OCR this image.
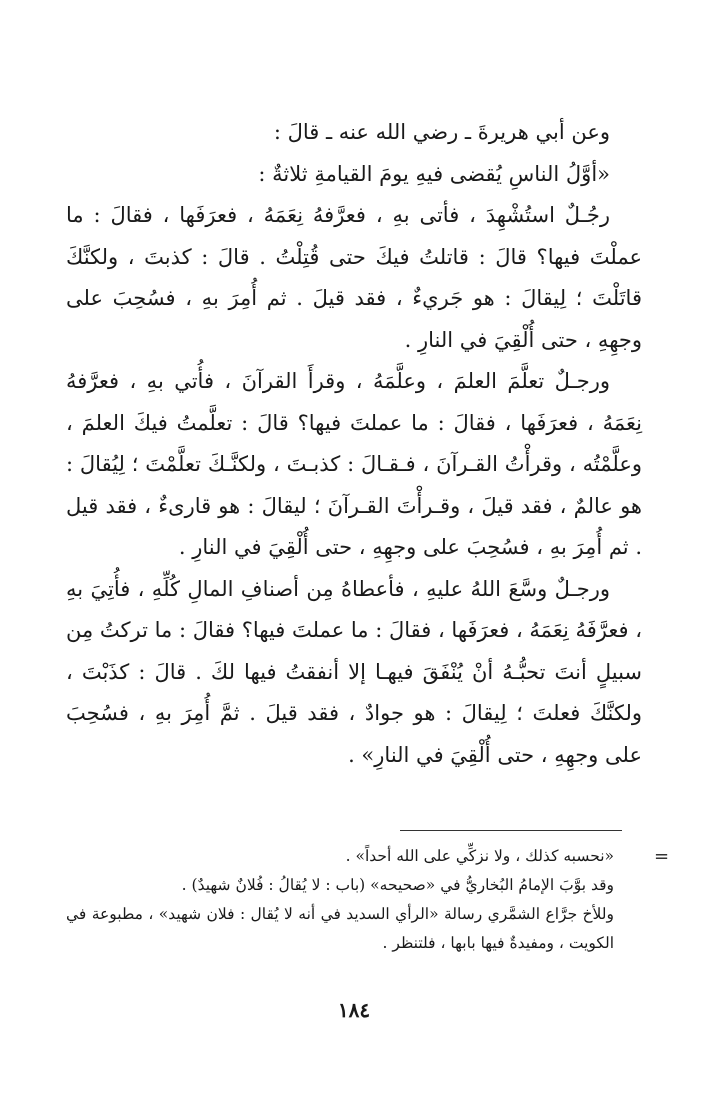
وعن أبي هريرةَ ـ رضي الله عنه ـ قالَ :

«أوَّلُ الناسِ يُقضى فيهِ يومَ القيامةِ ثلاثةٌ :

رجُـلٌ استُشْهِدَ ، فأتى بهِ ، فعرَّفهُ نِعَمَهُ ، فعرَفَها ، فقالَ : ما عملْتَ فيها؟ قالَ : قاتلتُ فيكَ حتى قُتِلْتُ . قالَ : كذبتَ ، ولكنَّكَ قاتَلْتَ ؛ لِيقالَ : هو جَريءٌ ، فقد قيلَ . ثم أُمِرَ بهِ ، فسُحِبَ على وجهِهِ ، حتى أُلْقِيَ في النارِ .

ورجـلٌ تعلَّمَ العلمَ ، وعلَّمَهُ ، وقرأَ القرآنَ ، فأُتي بهِ ، فعرَّفهُ نِعَمَهُ ، فعرَفَها ، فقالَ : ما عملتَ فيها؟ قالَ : تعلَّمتُ فيكَ العلمَ ، وعلَّمْتُه ، وقرأْتُ القـرآنَ ، فـقـالَ : كذبـتَ ، ولكنَّـكَ تعلَّمْتَ ؛ لِيُقالَ : هو عالمٌ ، فقد قيلَ ، وقـرأْتَ القـرآنَ ؛ ليقالَ : هو قارىءٌ ، فقد قيل . ثم أُمِرَ بهِ ، فسُحِبَ على وجهِهِ ، حتى أُلْقِيَ في النارِ .

ورجـلٌ وسَّعَ اللهُ عليهِ ، فأعطاهُ مِن أصنافِ المالِ كُلِّهِ ، فأُتِيَ بهِ ، فعرَّفَهُ نِعَمَهُ ، فعرَفَها ، فقالَ : ما عملتَ فيها؟ فقالَ : ما تركتُ مِن سبيلٍ أنتَ تحبُّـهُ أنْ يُنْفَقَ فيهـا إلا أنفقتُ فيها لكَ . قالَ : كذَبْتَ ، ولكنَّكَ فعلتَ ؛ لِيقالَ : هو جوادٌ ، فقد قيلَ . ثمَّ أُمِرَ بهِ ، فسُحِبَ على وجهِهِ ، حتى أُلْقِيَ في النارِ» .

=

«نحسبه كذلك ، ولا نزكِّي على الله أحداً» .

وقد بوَّبَ الإمامُ البُخاريُّ في «صحيحه» (باب : لا يُقالُ : فُلانٌ شهيدٌ) .

وللأخ جرَّاع الشمَّري رسالة «الرأي السديد في أنه لا يُقال : فلان شهيد» ، مطبوعة في الكويت ، ومفيدةٌ فيها بابها ، فلتنظر .

١٨٤
